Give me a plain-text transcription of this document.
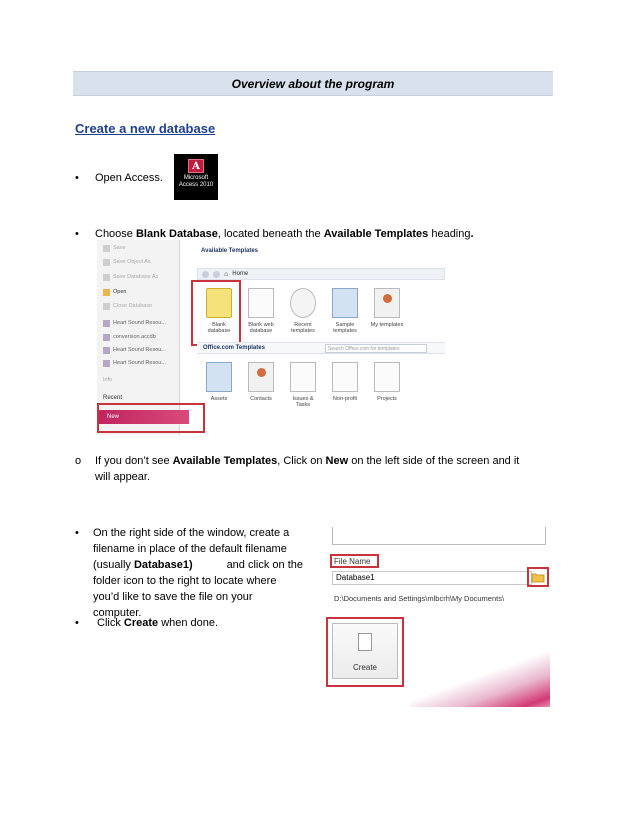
Overview about the program
Create a new database
• Open Access.
A
Microsoft
Access 2010
• Choose Blank Database, located beneath the Available Templates heading.
Save
Save Object As
Save Database As
Open
Close Database
Heart Sound Resou...
conversion.accdb
Heart Sound Resou...
Heart Sound Resou...
Info
Recent
New
Available Templates
⌂ Home
Blank
database
Blank web
database
Recent
templates
Sample
templates
My templates
Office.com Templates	Search Office.com for templates
Assets	Contacts	Issues &
Tasks
Non-profit	Projects
o If you don’t see Available Templates, Click on New on the left side of the screen and it
will appear.
• On the right side of the window, create a
filename in place of the default filename
(usually Database1)	and click on the
folder icon to the right to locate where
you’d like to save the file on your
computer.
• Click Create when done.
File Name
Database1
D:\Documents and Settings\mlbcrh\My Documents\
Create
